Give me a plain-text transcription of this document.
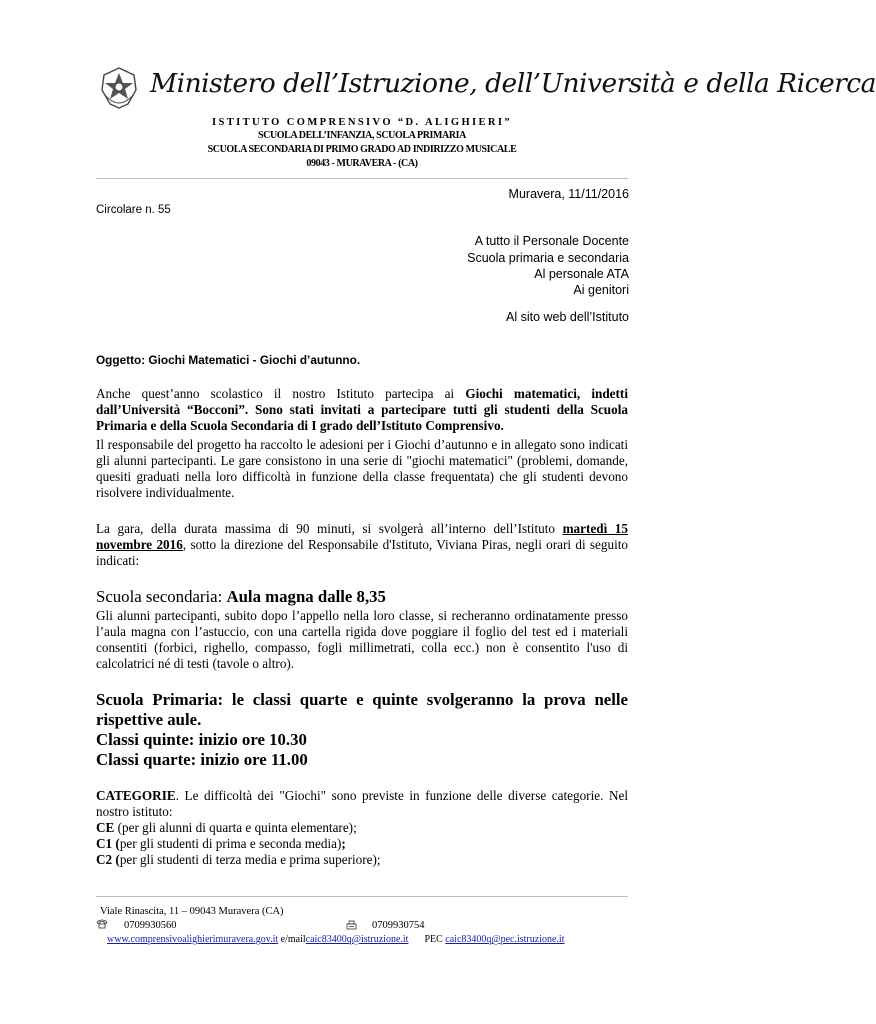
Ministero dell’Istruzione, dell’Università e della Ricerca
ISTITUTO COMPRENSIVO “D. ALIGHIERI”
SCUOLA DELL’INFANZIA, SCUOLA PRIMARIA
SCUOLA SECONDARIA DI PRIMO GRADO AD INDIRIZZO MUSICALE
09043 - MURAVERA - (CA)
Muravera, 11/11/2016
Circolare n. 55
A tutto il Personale Docente
Scuola primaria e secondaria
Al personale ATA
Ai genitori
Al sito web dell’Istituto
Oggetto: Giochi Matematici - Giochi d’autunno.
Anche quest’anno scolastico il nostro Istituto partecipa ai Giochi matematici, indetti dall’Università “Bocconi”. Sono stati invitati a partecipare tutti gli studenti della Scuola Primaria e della Scuola Secondaria di I grado dell’Istituto Comprensivo.
Il responsabile del progetto ha raccolto le adesioni per i Giochi d’autunno e in allegato sono indicati gli alunni partecipanti. Le gare consistono in una serie di "giochi matematici" (problemi, domande, quesiti graduati nella loro difficoltà in funzione della classe frequentata) che gli studenti devono risolvere individualmente.
La gara, della durata massima di 90 minuti, si svolgerà all’interno dell’Istituto martedì 15 novembre 2016, sotto la direzione del Responsabile d'Istituto, Viviana Piras, negli orari di seguito indicati:
Scuola secondaria: Aula magna dalle 8,35
Gli alunni partecipanti, subito dopo l’appello nella loro classe, si recheranno ordinatamente presso l’aula magna con l’astuccio, con una cartella rigida dove poggiare il foglio del test ed i materiali consentiti (forbici, righello, compasso, fogli millimetrati, colla ecc.) non è consentito l'uso di calcolatrici né di testi (tavole o altro).
Scuola Primaria: le classi quarte e quinte svolgeranno la prova nelle rispettive aule.
Classi quinte: inizio ore 10.30
Classi quarte: inizio ore 11.00
CATEGORIE. Le difficoltà dei "Giochi" sono previste in funzione delle diverse categorie. Nel nostro istituto:
CE (per gli alunni di quarta e quinta elementare);
C1 (per gli studenti di prima e seconda media);
C2 (per gli studenti di terza media e prima superiore);
Viale Rinascita, 11 – 09043 Muravera (CA)
0709930560	0709930754
www.comprensivoalighierimuravera.gov.it e/mailcaic83400q@istruzione.it PEC caic83400q@pec.istruzione.it
